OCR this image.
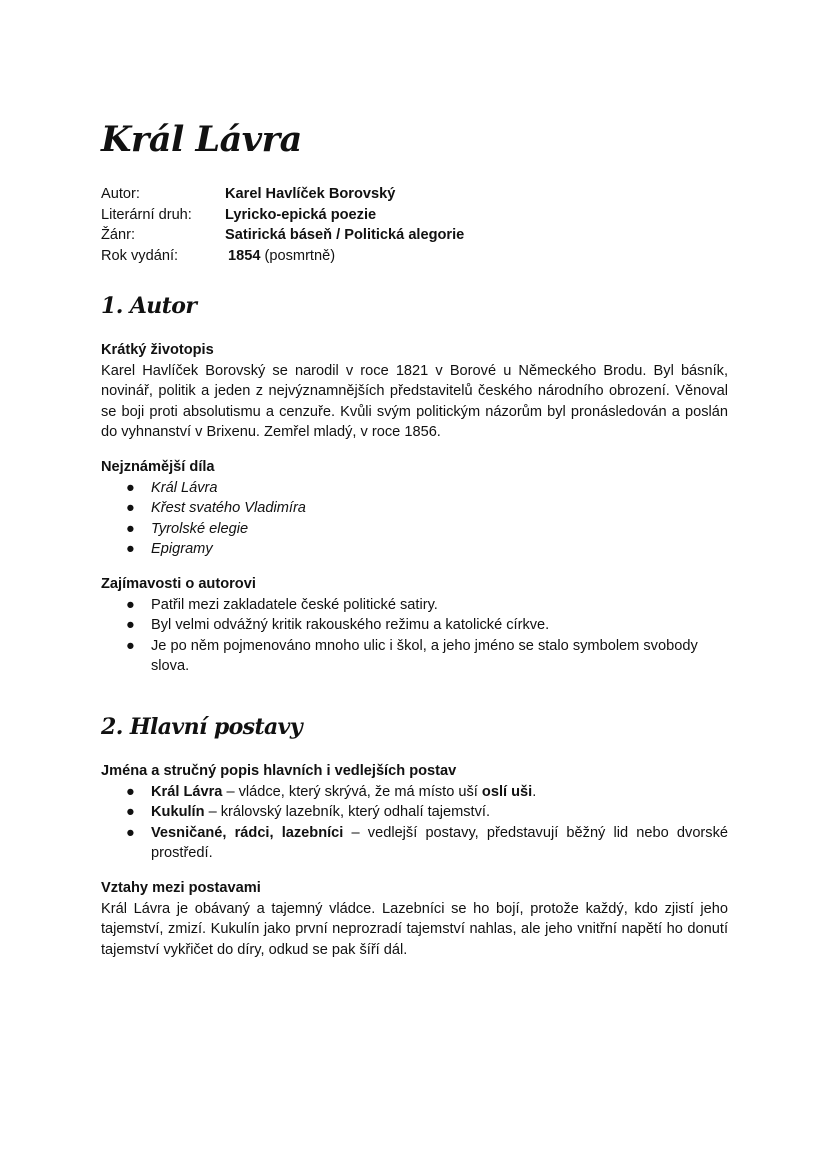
Král Lávra
Autor:	Karel Havlíček Borovský
Literární druh:	Lyricko-epická poezie
Žánr:	Satirická báseň / Politická alegorie
Rok vydání:	1854 (posmrtně)
1. Autor

Krátký životopis

Karel Havlíček Borovský se narodil v roce 1821 v Borové u Německého Brodu. Byl básník, novinář, politik a jeden z nejvýznamnějších představitelů českého národního obrození. Věnoval se boji proti absolutismu a cenzuře. Kvůli svým politickým názorům byl pronásledován a poslán do vyhnanství v Brixenu. Zemřel mladý, v roce 1856.

Nejznámější díla

● Král Lávra
● Křest svatého Vladimíra
● Tyrolské elegie
● Epigramy

Zajímavosti o autorovi

● Patřil mezi zakladatele české politické satiry.
● Byl velmi odvážný kritik rakouského režimu a katolické církve.
● Je po něm pojmenováno mnoho ulic i škol, a jeho jméno se stalo symbolem svobody slova.
2. Hlavní postavy

Jména a stručný popis hlavních i vedlejších postav

● Král Lávra – vládce, který skrývá, že má místo uší oslí uši.
● Kukulín – královský lazebník, který odhalí tajemství.
● Vesničané, rádci, lazebníci – vedlejší postavy, představují běžný lid nebo dvorské prostředí.

Vztahy mezi postavami

Král Lávra je obávaný a tajemný vládce. Lazebníci se ho bojí, protože každý, kdo zjistí jeho tajemství, zmizí. Kukulín jako první neprozradí tajemství nahlas, ale jeho vnitřní napětí ho donutí tajemství vykřičet do díry, odkud se pak šíří dál.
